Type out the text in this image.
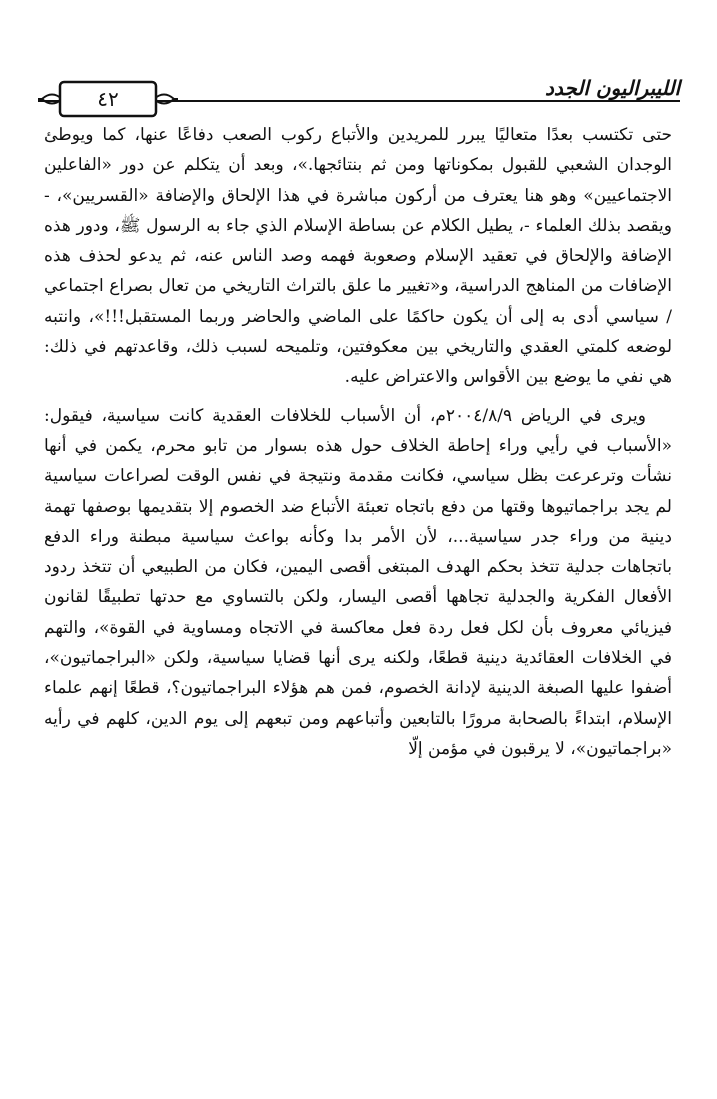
٤٢	الليبراليون الجدد

حتى تكتسب بعدًا متعاليًا يبرر للمريدين والأتباع ركوب الصعب دفاعًا عنها، كما ويوطئ الوجدان الشعبي للقبول بمكوناتها ومن ثم بنتائجها.»، وبعد أن يتكلم عن دور «الفاعلين الاجتماعيين» وهو هنا يعترف من أركون مباشرة في هذا الإلحاق والإضافة «القسريين»، - ويقصد بذلك العلماء -، يطيل الكلام عن بساطة الإسلام الذي جاء به الرسول ﷺ، ودور هذه الإضافة والإلحاق في تعقيد الإسلام وصعوبة فهمه وصد الناس عنه، ثم يدعو لحذف هذه الإضافات من المناهج الدراسية، و«تغيير ما علق بالتراث التاريخي من تعال بصراع اجتماعي / سياسي أدى به إلى أن يكون حاكمًا على الماضي والحاضر وربما المستقبل!!!»، وانتبه لوضعه كلمتي العقدي والتاريخي بين معكوفتين، وتلميحه لسبب ذلك، وقاعدتهم في ذلك: هي نفي ما يوضع بين الأقواس والاعتراض عليه.

ويرى في الرياض ٢٠٠٤/٨/٩م، أن الأسباب للخلافات العقدية كانت سياسية، فيقول: «الأسباب في رأيي وراء إحاطة الخلاف حول هذه بسوار من تابو محرم، يكمن في أنها نشأت وترعرعت بظل سياسي، فكانت مقدمة ونتيجة في نفس الوقت لصراعات سياسية لم يجد براجماتيوها وقتها من دفع باتجاه تعبئة الأتباع ضد الخصوم إلا بتقديمها بوصفها تهمة دينية من وراء جدر سياسية...، لأن الأمر بدا وكأنه بواعث سياسية مبطنة وراء الدفع باتجاهات جدلية تتخذ بحكم الهدف المبتغى أقصى اليمين، فكان من الطبيعي أن تتخذ ردود الأفعال الفكرية والجدلية تجاهها أقصى اليسار، ولكن بالتساوي مع حدتها تطبيقًا لقانون فيزيائي معروف بأن لكل فعل ردة فعل معاكسة في الاتجاه ومساوية في القوة»، والتهم في الخلافات العقائدية دينية قطعًا، ولكنه يرى أنها قضايا سياسية، ولكن «البراجماتيون»، أضفوا عليها الصبغة الدينية لإدانة الخصوم، فمن هم هؤلاء البراجماتيون؟، قطعًا إنهم علماء الإسلام، ابتداءً بالصحابة مرورًا بالتابعين وأتباعهم ومن تبعهم إلى يوم الدين، كلهم في رأيه «براجماتيون»، لا يرقبون في مؤمن إلّا
